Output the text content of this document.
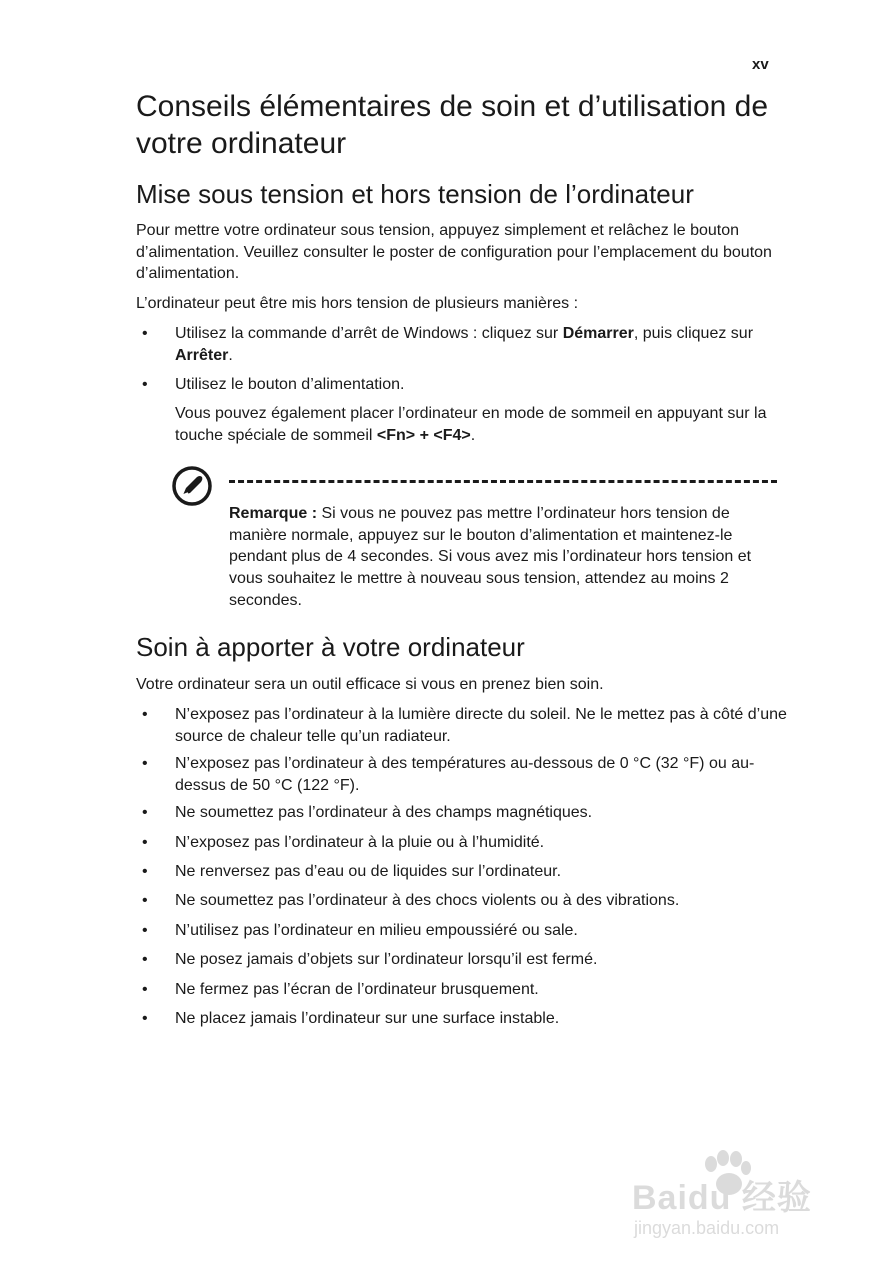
xv
Conseils élémentaires de soin et d’utilisation de votre ordinateur
Mise sous tension et hors tension de l’ordinateur

Pour mettre votre ordinateur sous tension, appuyez simplement et relâchez le bouton d’alimentation. Veuillez consulter le poster de configuration pour l’emplacement du bouton d’alimentation.

L’ordinateur peut être mis hors tension de plusieurs manières :

• Utilisez la commande d’arrêt de Windows : cliquez sur Démarrer, puis cliquez sur Arrêter.
• Utilisez le bouton d’alimentation.

Vous pouvez également placer l’ordinateur en mode de sommeil en appuyant sur la touche spéciale de sommeil <Fn> + <F4>.

Remarque : Si vous ne pouvez pas mettre l’ordinateur hors tension de manière normale, appuyez sur le bouton d’alimentation et maintenez-le pendant plus de 4 secondes. Si vous avez mis l’ordinateur hors tension et vous souhaitez le mettre à nouveau sous tension, attendez au moins 2 secondes.

Soin à apporter à votre ordinateur

Votre ordinateur sera un outil efficace si vous en prenez bien soin.

• N’exposez pas l’ordinateur à la lumière directe du soleil. Ne le mettez pas à côté d’une source de chaleur telle qu’un radiateur.
• N’exposez pas l’ordinateur à des températures au-dessous de 0 °C (32 °F) ou au-dessus de 50 °C (122 °F).
• Ne soumettez pas l’ordinateur à des champs magnétiques.
• N’exposez pas l’ordinateur à la pluie ou à l’humidité.
• Ne renversez pas d’eau ou de liquides sur l’ordinateur.
• Ne soumettez pas l’ordinateur à des chocs violents ou à des vibrations.
• N’utilisez pas l’ordinateur en milieu empoussiéré ou sale.
• Ne posez jamais d’objets sur l’ordinateur lorsqu’il est fermé.
• Ne fermez pas l’écran de l’ordinateur brusquement.
• Ne placez jamais l’ordinateur sur une surface instable.
Baidu 经验
jingyan.baidu.com
